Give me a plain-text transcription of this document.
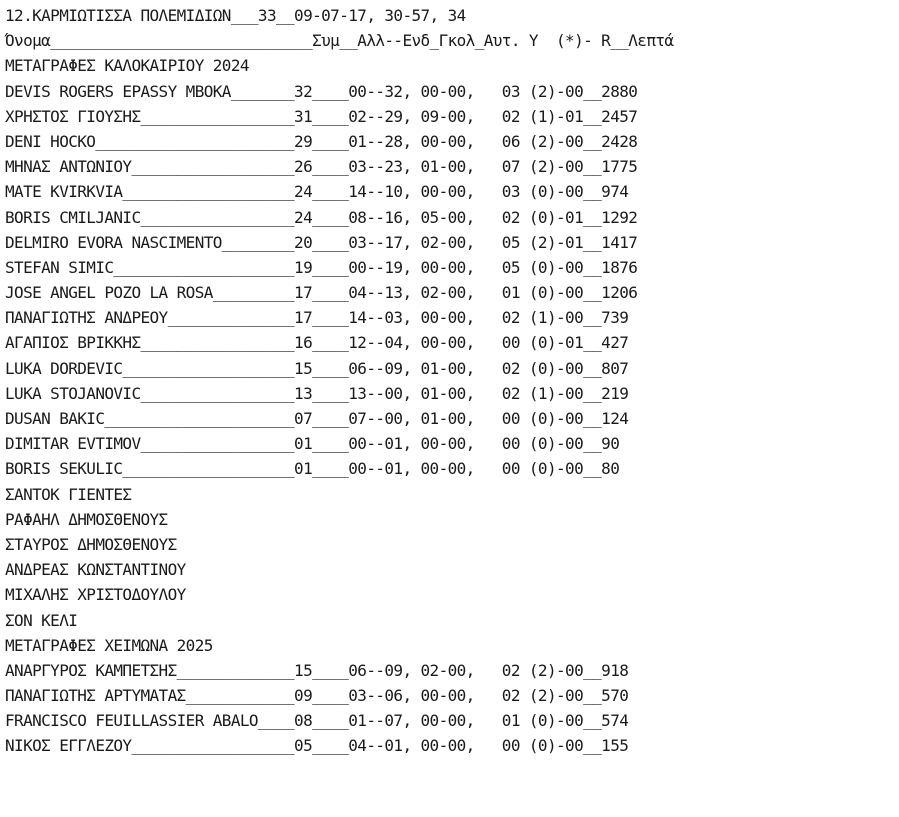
12.ΚΑΡΜΙΩΤΙΣΣΑ ΠΟΛΕΜΙΔΙΩΝ___33__09-07-17, 30-57, 34
Όνομα_____________________________Συμ__Αλλ--Ενδ_Γκολ_Αυτ. Υ  (*)- R__Λεπτά
ΜΕΤΑΓΡΑΦΕΣ ΚΑΛΟΚΑΙΡΙΟΥ 2024
DEVIS ROGERS EPASSY MBOKA_______32____00--32, 00-00,   03 (2)-00__2880
ΧΡΗΣΤΟΣ ΓΙΟΥΣΗΣ_________________31____02--29, 09-00,   02 (1)-01__2457
DENI HOCKO______________________29____01--28, 00-00,   06 (2)-00__2428
ΜΗΝΑΣ ΑΝΤΩΝΙΟΥ__________________26____03--23, 01-00,   07 (2)-00__1775
MATE KVIRKVIA___________________24____14--10, 00-00,   03 (0)-00__974
BORIS CMILJANIC_________________24____08--16, 05-00,   02 (0)-01__1292
DELMIRO EVORA NASCIMENTO________20____03--17, 02-00,   05 (2)-01__1417
STEFAN SIMIC____________________19____00--19, 00-00,   05 (0)-00__1876
JOSE ANGEL POZO LA ROSA_________17____04--13, 02-00,   01 (0)-00__1206
ΠΑΝΑΓΙΩΤΗΣ ΑΝΔΡΕΟΥ______________17____14--03, 00-00,   02 (1)-00__739
ΑΓΑΠΙΟΣ ΒΡΙΚΚΗΣ_________________16____12--04, 00-00,   00 (0)-01__427
LUKA DORDEVIC___________________15____06--09, 01-00,   02 (0)-00__807
LUKA STOJANOVIC_________________13____13--00, 01-00,   02 (1)-00__219
DUSAN BAKIC_____________________07____07--00, 01-00,   00 (0)-00__124
DIMITAR EVTIMOV_________________01____00--01, 00-00,   00 (0)-00__90
BORIS SEKULIC___________________01____00--01, 00-00,   00 (0)-00__80
ΣΑΝΤΟΚ ΓΙΕΝΤΕΣ
ΡΑΦΑΗΛ ΔΗΜΟΣΘΕΝΟΥΣ
ΣΤΑΥΡΟΣ ΔΗΜΟΣΘΕΝΟΥΣ
ΑΝΔΡΕΑΣ ΚΩΝΣΤΑΝΤΙΝΟΥ
ΜΙΧΑΛΗΣ ΧΡΙΣΤΟΔΟΥΛΟΥ
ΣΟΝ ΚΕΛΙ
ΜΕΤΑΓΡΑΦΕΣ ΧΕΙΜΩΝΑ 2025
ΑΝΑΡΓΥΡΟΣ ΚΑΜΠΕΤΣΗΣ_____________15____06--09, 02-00,   02 (2)-00__918
ΠΑΝΑΓΙΩΤΗΣ ΑΡΤΥΜΑΤΑΣ____________09____03--06, 00-00,   02 (2)-00__570
FRANCISCO FEUILLASSIER ABALO____08____01--07, 00-00,   01 (0)-00__574
ΝΙΚΟΣ ΕΓΓΛΕΖΟΥ__________________05____04--01, 00-00,   00 (0)-00__155
